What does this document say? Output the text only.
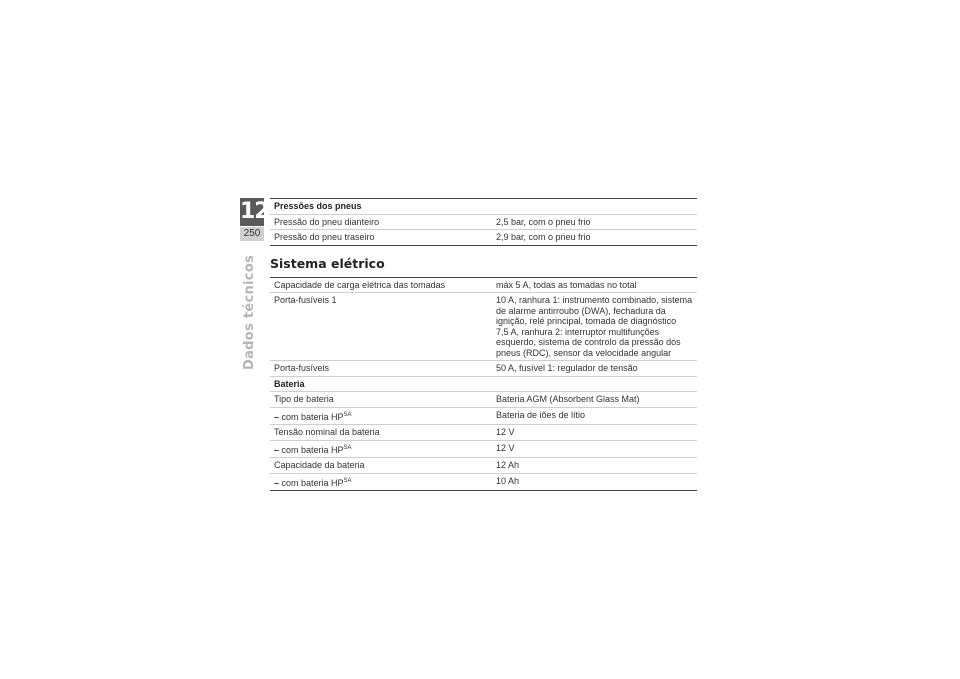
12
250
Dados técnicos
Pressões dos pneus	
Pressão do pneu dianteiro	2,5 bar, com o pneu frio
Pressão do pneu traseiro	2,9 bar, com o pneu frio
Sistema elétrico
Capacidade de carga elétrica das tomadas	máx 5 A, todas as tomadas no total
Porta-fusíveis 1	10 A, ranhura 1: instrumento combinado, sistema de alarme antirroubo (DWA), fechadura da ignição, relé principal, tomada de diagnóstico
7,5 A, ranhura 2: interruptor multifunções esquerdo, sistema de controlo da pressão dos pneus (RDC), sensor da velocidade angular

Porta-fusíveis	50 A, fusível 1: regulador de tensão
Bateria	
Tipo de bateria	Bateria AGM (Absorbent Glass Mat)
– com bateria $HP^{SA}$	Bateria de iões de lítio
Tensão nominal da bateria	12 V
– com bateria $HP^{SA}$	12 V
Capacidade da bateria	12 Ah
– com bateria $HP^{SA}$	10 Ah
